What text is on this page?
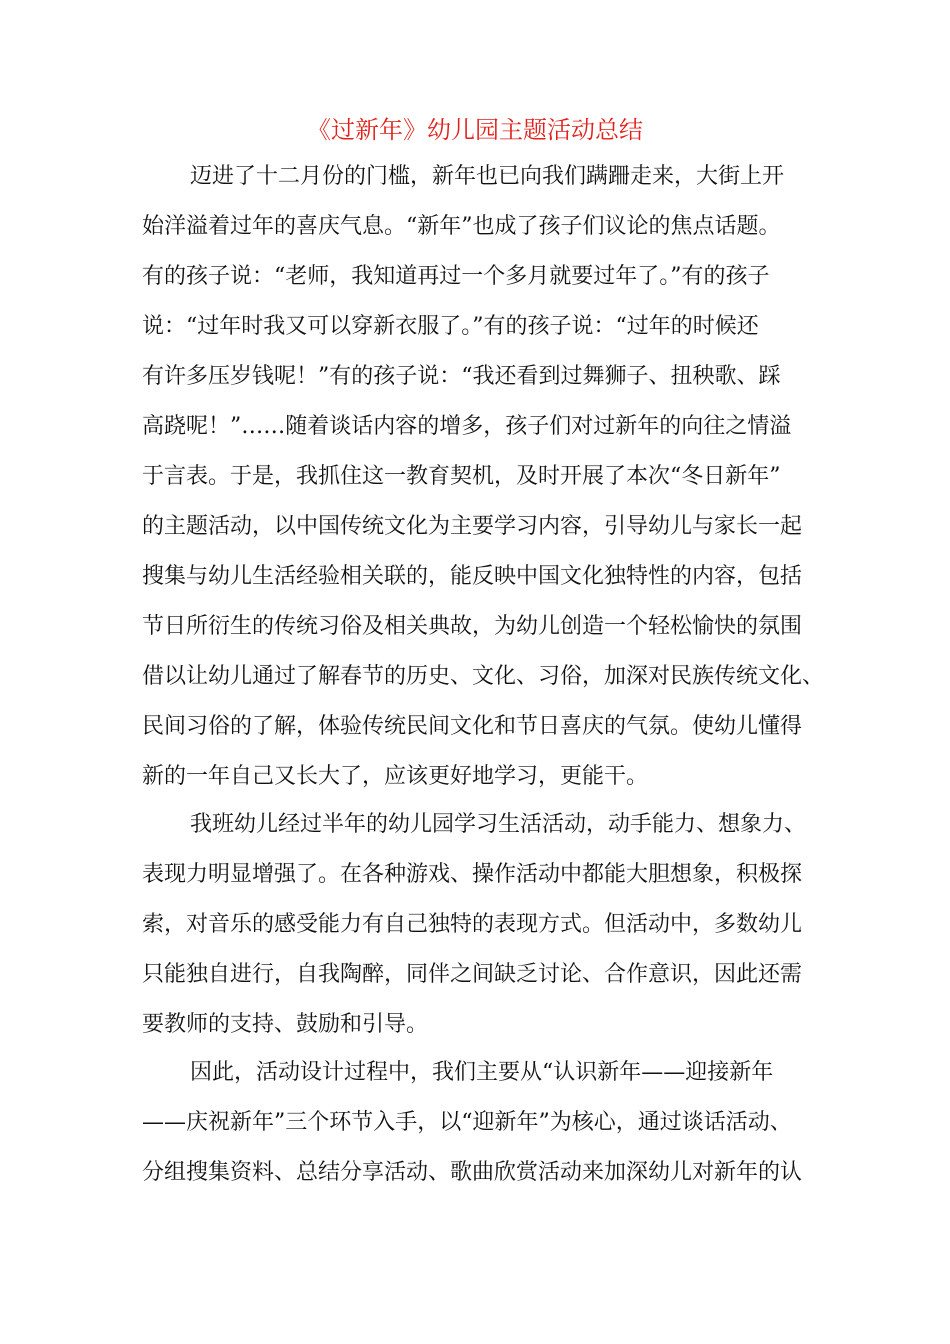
《过新年》幼儿园主题活动总结
迈进了十二月份的门槛，新年也已向我们蹒跚走来，大街上开
始洋溢着过年的喜庆气息。“新年”也成了孩子们议论的焦点话题。
有的孩子说：“老师，我知道再过一个多月就要过年了。”有的孩子
说：“过年时我又可以穿新衣服了。”有的孩子说：“过年的时候还
有许多压岁钱呢！”有的孩子说：“我还看到过舞狮子、扭秧歌、踩
高跷呢！”……随着谈话内容的增多，孩子们对过新年的向往之情溢
于言表。于是，我抓住这一教育契机，及时开展了本次“冬日新年”
的主题活动，以中国传统文化为主要学习内容，引导幼儿与家长一起
搜集与幼儿生活经验相关联的，能反映中国文化独特性的内容，包括
节日所衍生的传统习俗及相关典故，为幼儿创造一个轻松愉快的氛围
借以让幼儿通过了解春节的历史、文化、习俗，加深对民族传统文化、
民间习俗的了解，体验传统民间文化和节日喜庆的气氛。使幼儿懂得
新的一年自己又长大了，应该更好地学习，更能干。
我班幼儿经过半年的幼儿园学习生活活动，动手能力、想象力、
表现力明显增强了。在各种游戏、操作活动中都能大胆想象，积极探
索，对音乐的感受能力有自己独特的表现方式。但活动中，多数幼儿
只能独自进行，自我陶醉，同伴之间缺乏讨论、合作意识，因此还需
要教师的支持、鼓励和引导。
因此，活动设计过程中，我们主要从“认识新年——迎接新年
——庆祝新年”三个环节入手，以“迎新年”为核心，通过谈话活动、
分组搜集资料、总结分享活动、歌曲欣赏活动来加深幼儿对新年的认
